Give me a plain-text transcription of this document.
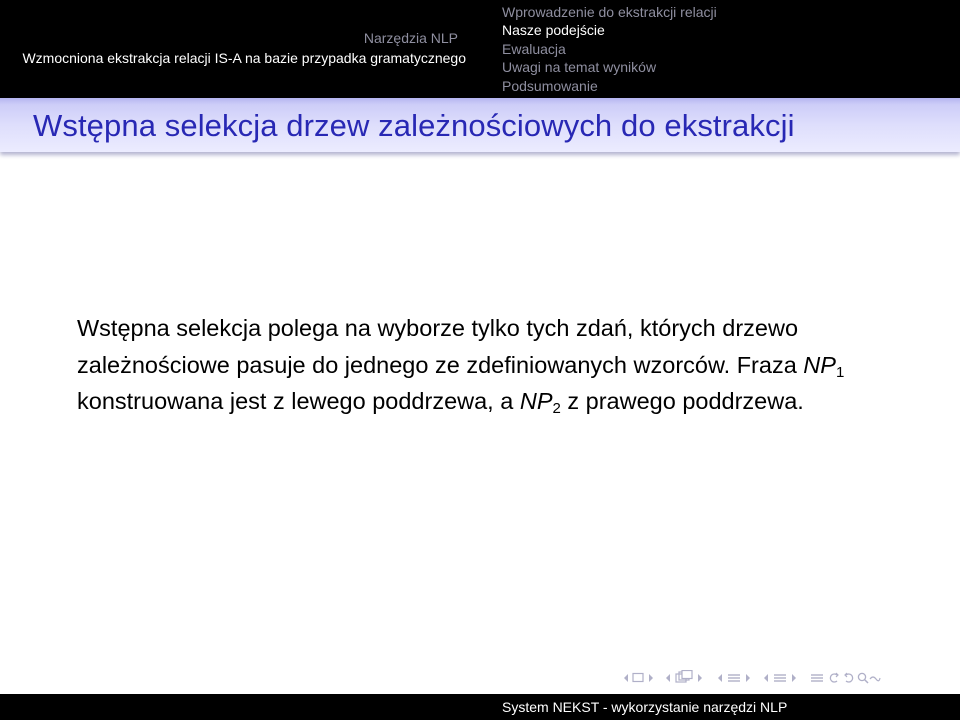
Narzędzia NLP
Wzmocniona ekstrakcja relacji IS-A na bazie przypadka gramatycznego
Wprowadzenie do ekstrakcji relacji
Nasze podejście
Ewaluacja
Uwagi na temat wyników
Podsumowanie
Wstępna selekcja drzew zależnościowych do ekstrakcji
Wstępna selekcja polega na wyborze tylko tych zdań, których drzewo zależnościowe pasuje do jednego ze zdefiniowanych wzorców. Fraza $NP_1$ konstruowana jest z lewego poddrzewa, a $NP_2$ z prawego poddrzewa.
System NEKST - wykorzystanie narzędzi NLP
